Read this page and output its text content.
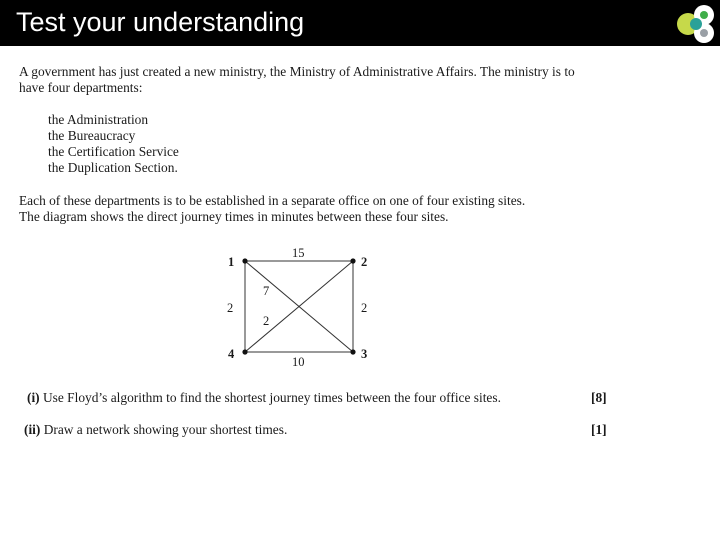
Test your understanding
A government has just created a new ministry, the Ministry of Administrative Affairs. The ministry is to
have four departments:
the Administration
the Bureaucracy
the Certification Service
the Duplication Section.
Each of these departments is to be established in a separate office on one of four existing sites.
The diagram shows the direct journey times in minutes between these four sites.
1	2
3
4
15
7
2
2	2
10
(i) Use Floyd’s algorithm to find the shortest journey times between the four office sites.	[8]
(ii) Draw a network showing your shortest times.	[1]
